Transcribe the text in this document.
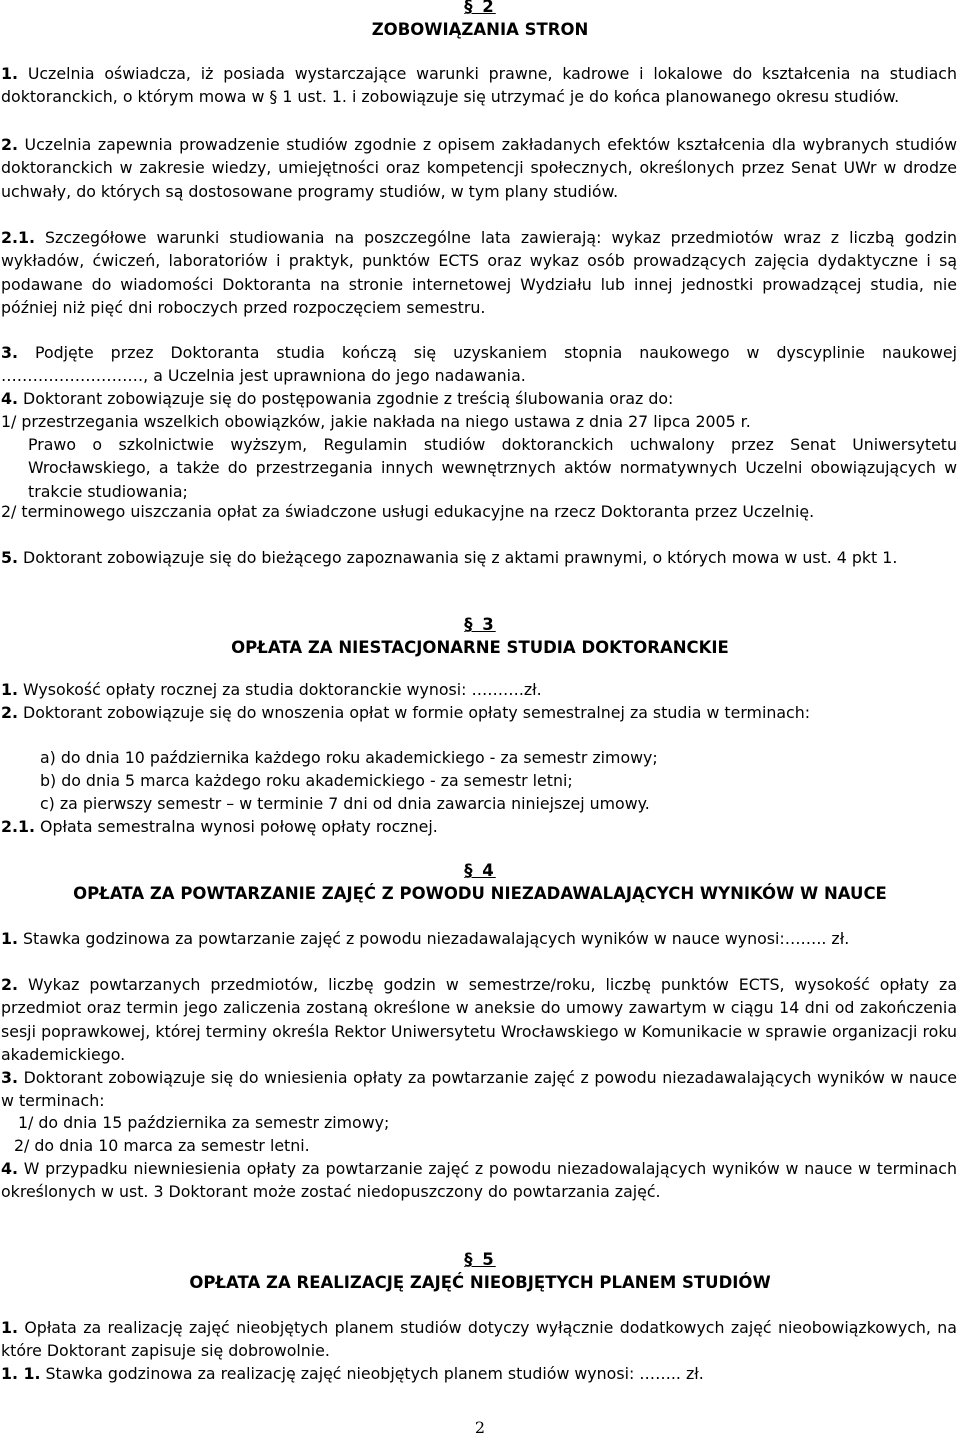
§ 2
ZOBOWIĄZANIA STRON

1. Uczelnia oświadcza, iż posiada wystarczające warunki prawne, kadrowe i lokalowe do kształcenia na studiach doktoranckich, o którym mowa w § 1 ust. 1. i zobowiązuje się utrzymać je do końca planowanego okresu studiów.

2. Uczelnia zapewnia prowadzenie studiów zgodnie z opisem zakładanych efektów kształcenia dla wybranych studiów doktoranckich w zakresie wiedzy, umiejętności oraz kompetencji społecznych, określonych przez Senat UWr w drodze uchwały, do których są dostosowane programy studiów, w tym plany studiów.

2.1. Szczegółowe warunki studiowania na poszczególne lata zawierają: wykaz przedmiotów wraz z liczbą godzin wykładów, ćwiczeń, laboratoriów i praktyk, punktów ECTS oraz wykaz osób prowadzących zajęcia dydaktyczne i są podawane do wiadomości Doktoranta na stronie internetowej Wydziału lub innej jednostki prowadzącej studia, nie później niż pięć dni roboczych przed rozpoczęciem semestru.

3. Podjęte przez Doktoranta studia kończą się uzyskaniem stopnia naukowego w dyscyplinie naukowej ………………………, a Uczelnia jest uprawniona do jego nadawania.

4. Doktorant zobowiązuje się do postępowania zgodnie z treścią ślubowania oraz do:

1/ przestrzegania wszelkich obowiązków, jakie nakłada na niego ustawa z dnia 27 lipca 2005 r.

Prawo o szkolnictwie wyższym, Regulamin studiów doktoranckich uchwalony przez Senat Uniwersytetu Wrocławskiego, a także do przestrzegania innych wewnętrznych aktów normatywnych Uczelni obowiązujących w trakcie studiowania;

2/ terminowego uiszczania opłat za świadczone usługi edukacyjne na rzecz Doktoranta przez Uczelnię.

5. Doktorant zobowiązuje się do bieżącego zapoznawania się z aktami prawnymi, o których mowa w ust. 4 pkt 1.

§ 3
OPŁATA ZA NIESTACJONARNE STUDIA DOKTORANCKIE

1. Wysokość opłaty rocznej za studia doktoranckie wynosi: ……….zł.

2. Doktorant zobowiązuje się do wnoszenia opłat w formie opłaty semestralnej za studia w terminach:

a) do dnia 10 października każdego roku akademickiego - za semestr zimowy;

b) do dnia 5 marca każdego roku akademickiego - za semestr letni;

c) za pierwszy semestr – w terminie 7 dni od dnia zawarcia niniejszej umowy.

2.1. Opłata semestralna wynosi połowę opłaty rocznej.

§ 4
OPŁATA ZA POWTARZANIE ZAJĘĆ Z POWODU NIEZADAWALAJĄCYCH WYNIKÓW W NAUCE

1. Stawka godzinowa za powtarzanie zajęć z powodu niezadawalających wyników w nauce wynosi:…….. zł.

2. Wykaz powtarzanych przedmiotów, liczbę godzin w semestrze/roku, liczbę punktów ECTS, wysokość opłaty za przedmiot oraz termin jego zaliczenia zostaną określone w aneksie do umowy zawartym w ciągu 14 dni od zakończenia sesji poprawkowej, której terminy określa Rektor Uniwersytetu Wrocławskiego w Komunikacie w sprawie organizacji roku akademickiego.

3. Doktorant zobowiązuje się do wniesienia opłaty za powtarzanie zajęć z powodu niezadawalających wyników w nauce w terminach:

1/ do dnia 15 października za semestr zimowy;

2/ do dnia 10 marca za semestr letni.

4. W przypadku niewniesienia opłaty za powtarzanie zajęć z powodu niezadowalających wyników w nauce w terminach określonych w ust. 3 Doktorant może zostać niedopuszczony do powtarzania zajęć.

§ 5
OPŁATA ZA REALIZACJĘ ZAJĘĆ NIEOBJĘTYCH PLANEM STUDIÓW

1. Opłata za realizację zajęć nieobjętych planem studiów dotyczy wyłącznie dodatkowych zajęć nieobowiązkowych, na które Doktorant zapisuje się dobrowolnie.

1. 1. Stawka godzinowa za realizację zajęć nieobjętych planem studiów wynosi: …….. zł.

2
